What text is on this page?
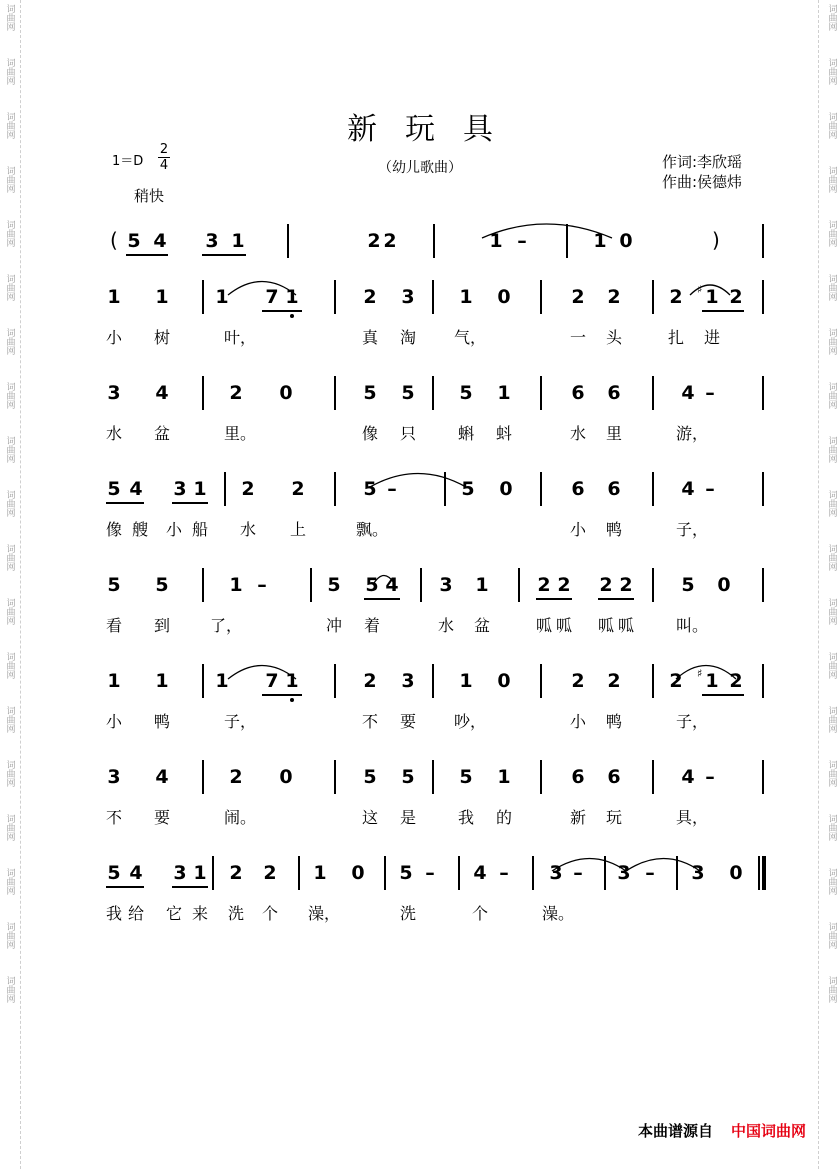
词曲网
词曲网
词曲网
词曲网
词曲网
词曲网
词曲网
词曲网
词曲网
词曲网
词曲网
词曲网
词曲网
词曲网
词曲网
词曲网
词曲网
词曲网
词曲网
词曲网
词曲网
词曲网
词曲网
词曲网
词曲网
词曲网
词曲网
词曲网
词曲网
词曲网
词曲网
词曲网
词曲网
词曲网
词曲网
词曲网
词曲网
词曲网
新玩具
$1=D \frac{2}{4}$
稍快
（幼儿歌曲）	作词:李欣瑶
作曲:侯德炜
5 4 3 1	2 2	1 –	1 0
(	)
1 1 1 7 1	2 3 1 0	2 2	2 1
♯ 2
小 树	叶，	真 淘 气，	一 头	扎 进
3 4	2 0	5 5 5 1	6 6	4 –
水 盆	里。	像 只	蝌 蚪	水 里	游，
5 4 3 1 2 2	5 –	5 0	6 6	4 –
像 艘 小 船 水 上	飘。	小 鸭	子，
5 5	1 –	5 5 4 3 1	2 2 2 2	5 0
看 到	了，	冲 着	水 盆	呱 呱 呱 呱	叫。
1 1 1 7 1	2 3 1 0	2 2	2 1
♯ 2
小 鸭	子，	不 要 吵，	小 鸭	子，
3 4	2 0	5 5 5 1	6 6	4 –
不 要	闹。	这 是	我 的	新 玩	具，
5 4 3 1 2 2 1 0 5 – 4 – 3 – 3 – 3 0
我 给 它 来 洗 个 澡，	洗	个	澡。
本曲谱源自 中国词曲网
